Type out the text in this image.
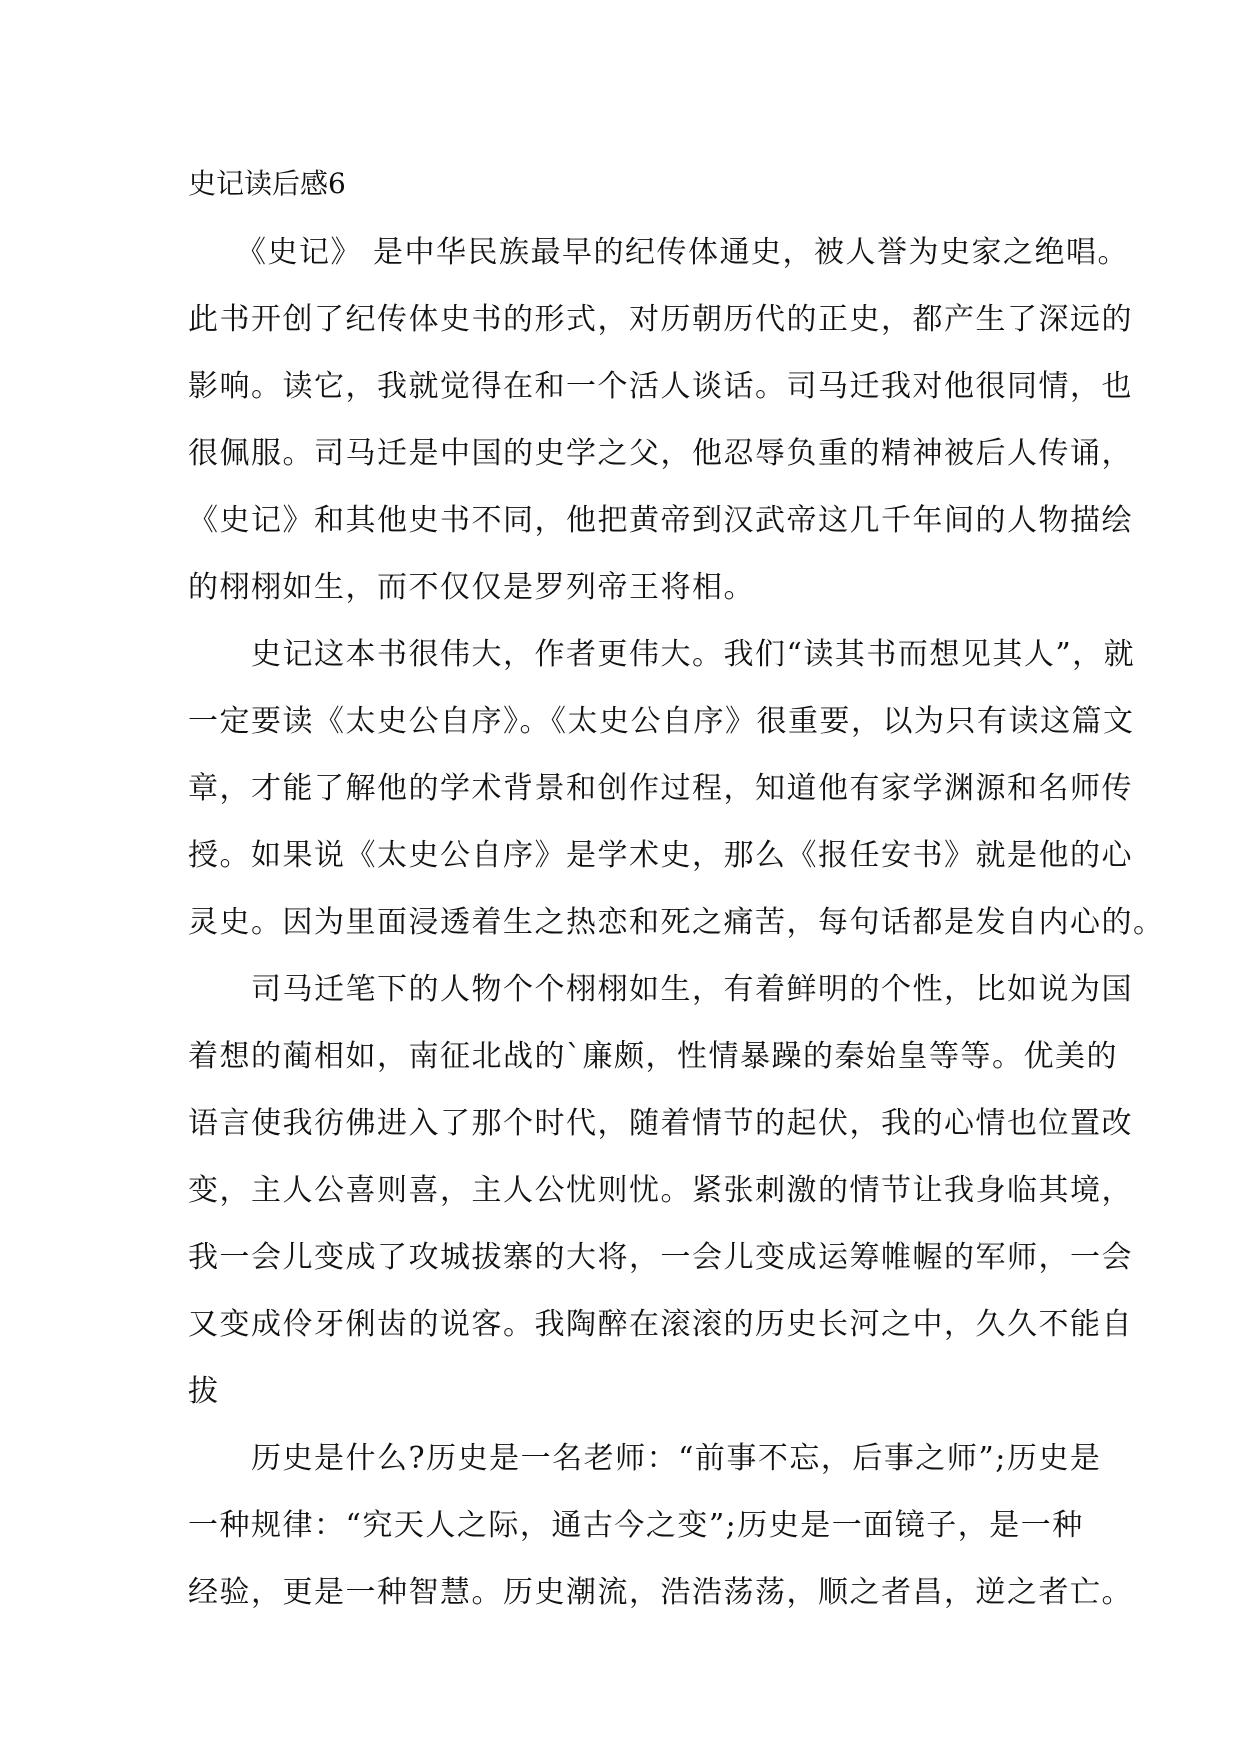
史记读后感6
　　《史记》 是中华民族最早的纪传体通史，被人誉为史家之绝唱。
此书开创了纪传体史书的形式，对历朝历代的正史，都产生了深远的
影响。读它，我就觉得在和一个活人谈话。司马迁我对他很同情，也
很佩服。司马迁是中国的史学之父，他忍辱负重的精神被后人传诵，
《史记》和其他史书不同，他把黄帝到汉武帝这几千年间的人物描绘
的栩栩如生，而不仅仅是罗列帝王将相。
　　史记这本书很伟大，作者更伟大。我们“读其书而想见其人”，就
一定要读《太史公自序》。《太史公自序》很重要，以为只有读这篇文
章，才能了解他的学术背景和创作过程，知道他有家学渊源和名师传
授。如果说《太史公自序》是学术史，那么《报任安书》就是他的心
灵史。因为里面浸透着生之热恋和死之痛苦，每句话都是发自内心的。
　　司马迁笔下的人物个个栩栩如生，有着鲜明的个性，比如说为国
着想的蔺相如，南征北战的`廉颇，性情暴躁的秦始皇等等。优美的
语言使我彷佛进入了那个时代，随着情节的起伏，我的心情也位置改
变，主人公喜则喜，主人公忧则忧。紧张刺激的情节让我身临其境，
我一会儿变成了攻城拔寨的大将，一会儿变成运筹帷幄的军师，一会
又变成伶牙俐齿的说客。我陶醉在滚滚的历史长河之中，久久不能自
拔
　　历史是什么?历史是一名老师：“前事不忘，后事之师”;历史是
一种规律：“究天人之际，通古今之变”;历史是一面镜子，是一种
经验，更是一种智慧。历史潮流，浩浩荡荡，顺之者昌，逆之者亡。
